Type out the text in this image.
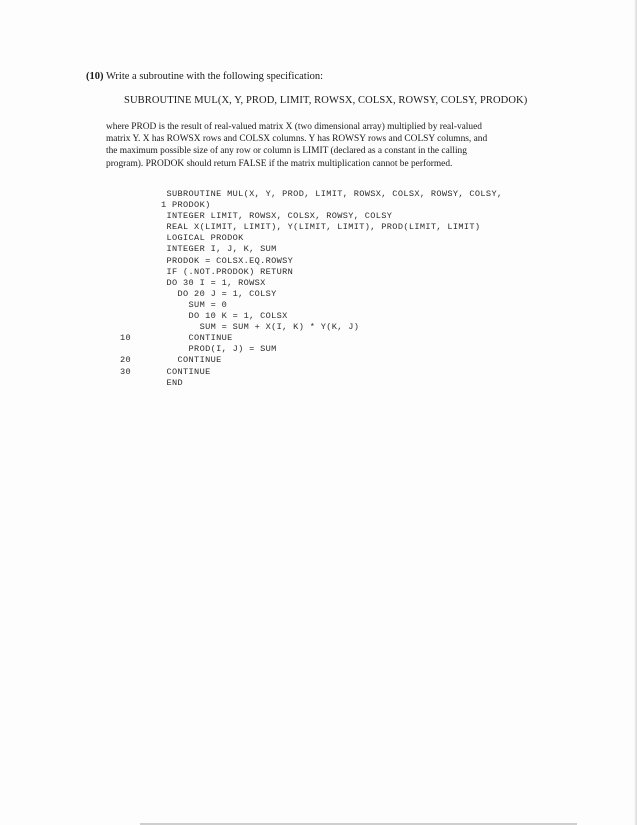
(10) Write a subroutine with the following specification:
SUBROUTINE MUL(X, Y, PROD, LIMIT, ROWSX, COLSX, ROWSY, COLSY, PRODOK)
where PROD is the result of real-valued matrix X (two dimensional array) multiplied by real-valued
matrix Y. X has ROWSX rows and COLSX columns. Y has ROWSY rows and COLSY columns, and
the maximum possible size of any row or column is LIMIT (declared as a constant in the calling
program). PRODOK should return FALSE if the matrix multiplication cannot be performed.
SUBROUTINE MUL(X, Y, PROD, LIMIT, ROWSX, COLSX, ROWSY, COLSY,
1 PRODOK)
INTEGER LIMIT, ROWSX, COLSX, ROWSY, COLSY
REAL X(LIMIT, LIMIT), Y(LIMIT, LIMIT), PROD(LIMIT, LIMIT)
LOGICAL PRODOK
INTEGER I, J, K, SUM
PRODOK = COLSX.EQ.ROWSY
IF (.NOT.PRODOK) RETURN
DO 30 I = 1, ROWSX
DO 20 J = 1, COLSY
SUM = 0
DO 10 K = 1, COLSX
SUM = SUM + X(I, K) * Y(K, J)
10       CONTINUE
PROD(I, J) = SUM
20     CONTINUE
30   CONTINUE
END
